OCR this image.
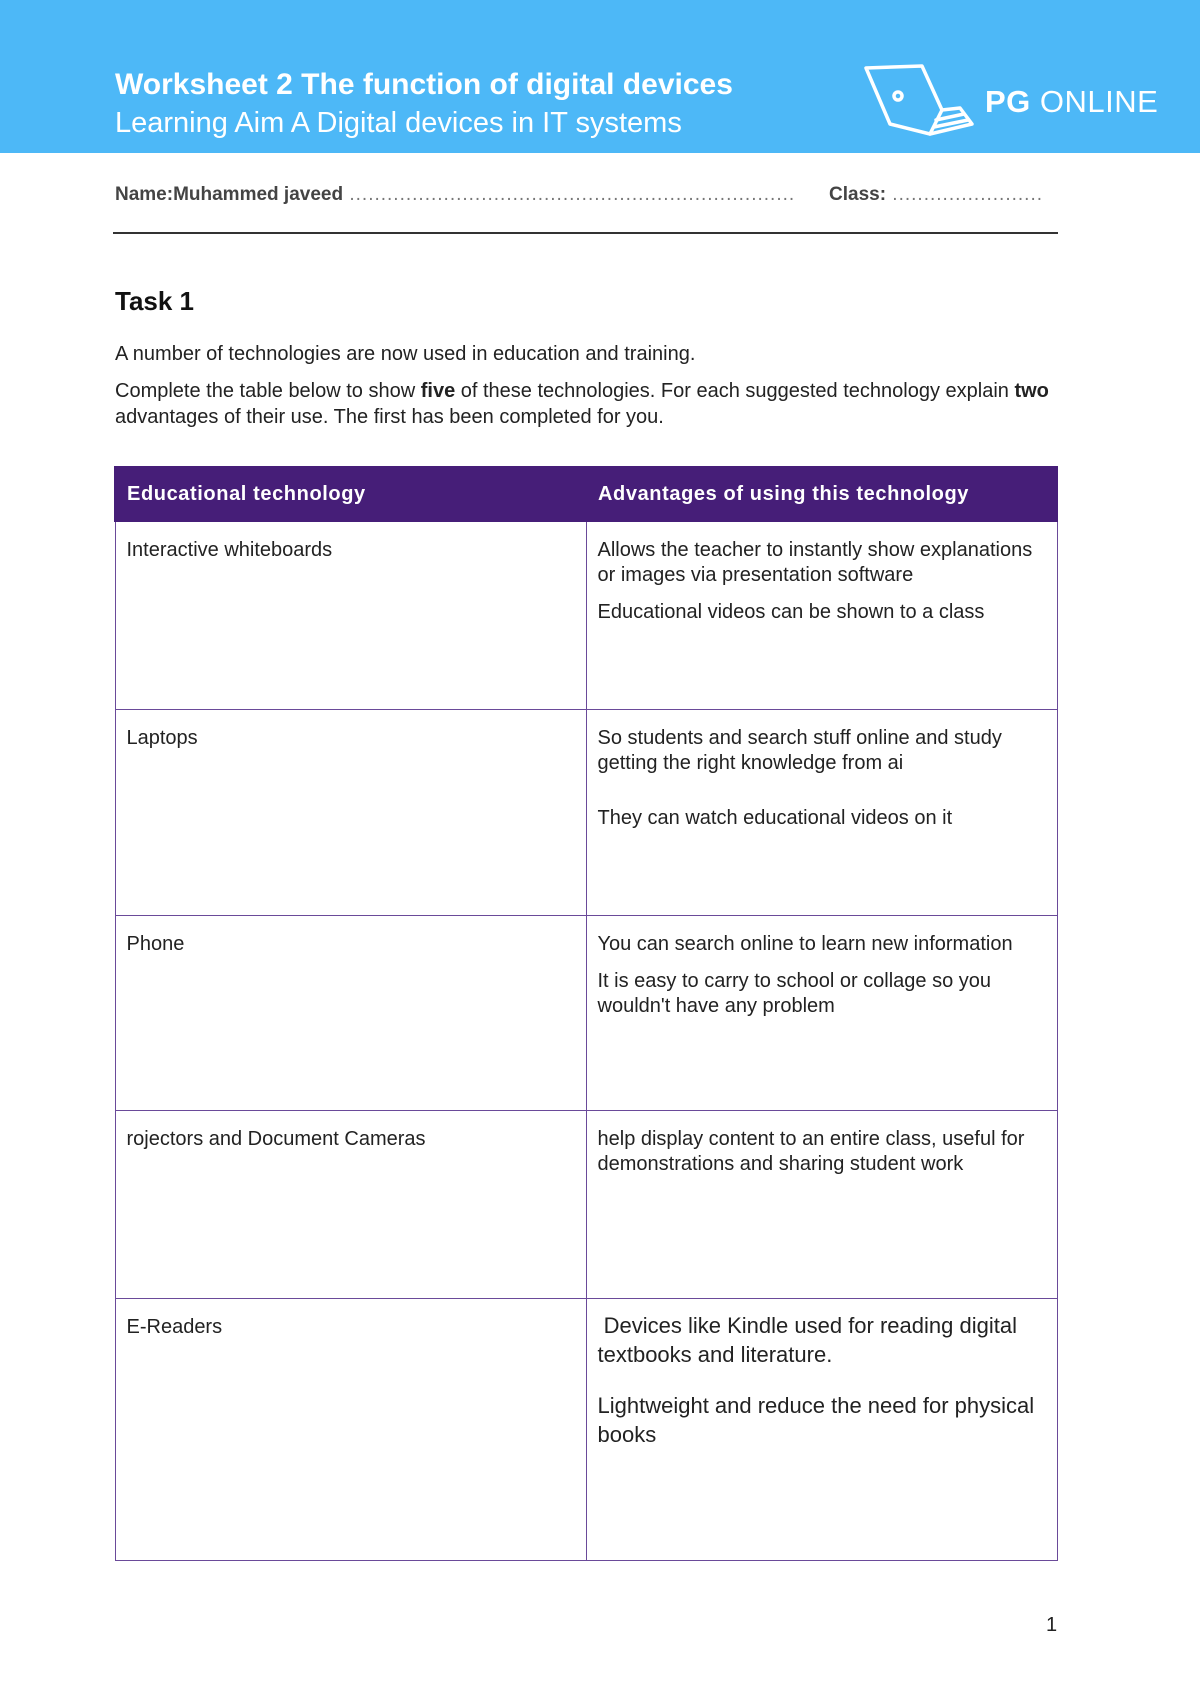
Worksheet 2 The function of digital devices
Learning Aim A Digital devices in IT systems
PG ONLINE
Name:Muhammed javeed ....................................................................... Class: ........................
Task 1
A number of technologies are now used in education and training.
Complete the table below to show five of these technologies. For each suggested technology explain two advantages of their use. The first has been completed for you.
Educational technology	Advantages of using this technology
Interactive whiteboards	Allows the teacher to instantly show explanations or images via presentation software

Educational videos can be shown to a class

Laptops	So students and search stuff online and study getting the right knowledge from ai

They can watch educational videos on it

Phone	You can search online to learn new information

It is easy to carry to school or collage so you wouldn't have any problem

rojectors and Document Cameras	help display content to an entire class, useful for demonstrations and sharing student work

E-Readers	Devices like Kindle used for reading digital textbooks and literature.

Lightweight and reduce the need for physical books

1
